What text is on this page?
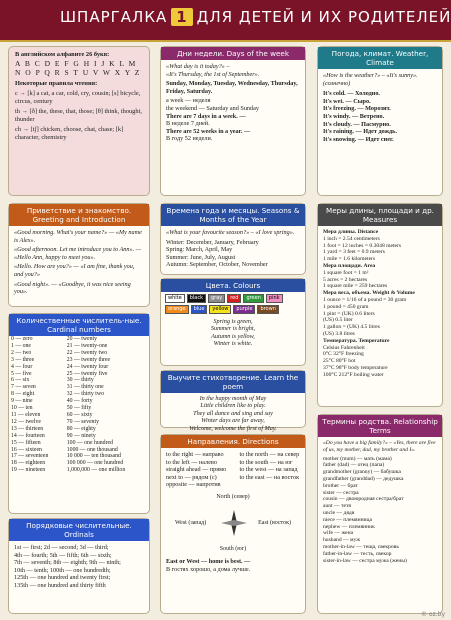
ШПАРГАЛКА 1 ДЛЯ ДЕТЕЙ И ИХ РОДИТЕЛЕЙ
В английском алфавите 26 букв:
A B C D E F G H I J K L M
N O P Q R S T U V W X Y Z
Некоторые правила чтения:

c → [k] a cat, a car, cold, cry, cousin; [s] bicycle, circus, century

th → [ð] the, these, that, those; [θ] think, thought, thunder

ch → [tʃ] chicken, choose, chat, chase; [k] character, chemistry

Дни недели. Days of the week
«What day is it today?» –
«It's Thursday, the 1st of September».
Sunday, Monday, Tuesday, Wednesday, Thursday, Friday, Saturday.
a week — неделя
the weekend — Saturday and Sunday
There are 7 days in a week. —
В неделе 7 дней.
There are 52 weeks in a year. —
В году 52 недели.
Погода, климат. Weather, Climate
«How is the weather?» – «It's sunny». (солнечно)
It's cold. — Холодно.
It's wet. — Сыро.
It's freezing. — Морозит.
It's windy. — Ветрено.
It's cloudy. — Пасмурно.
It's raining. — Идет дождь.
It's snowing. — Идет снег.
Приветствие и знакомство. Greeting and Introduction

«Good morning. What's your name?» — «My name is Alex».

«Good afternoon. Let me introduce you to Ann». — «Hello Ann, happy to meet you».

«Hello. How are you?» — «I am fine, thank you, and you?»

«Good night». — «Goodbye, it was nice seeing you».

Времена года и месяцы. Seasons & Months of the Year
«What is your favourite season?» – «I love spring».
Winter: December, January, February
Spring: March, April, May
Summer: June, July, August
Autumn: September, October, November
Цвета. Colours
white	black	gray	red	green	pink
orange	blue	yellow	purple	brown
Spring is green,
Summer is bright,
Autumn is yellow,
Winter is white.
Выучите стихотворение. Learn the poem
In the happy month of May
Little children like to play.
They all dance and sing and say
Winter days are far away,
Welcome, welcome the first of May.
Меры длины, площади и др. Measures
Мера длины. Distance
1 inch = 2.54 centimeters
1 foot = 12 inches = 0.3048 meters
1 yard = 3 feet = 0.9 meters
1 mile = 1.6 kilometers
Мера площади. Area
1 square foot = 1 m²
5 acres = 2 hectares
1 square mile = 259 hectares
Мера веса, объема. Weight & Volume
1 ounce = 1/16 of a pound = 30 gram
1 pound = 450 gram
1 pint = (UK) 0.6 liters
(US) 0.5 liter
1 gallon = (UK) 4.5 litres
(US) 3.8 litres
Температура. Temperature
Celsius Fahrenheit
0°C 32°F freezing
25°C 80°F hot
37°C 98°F body temperature
100°C 212°F boiling water
Количественные числитель-ные. Cardinal numbers
0 — zero	20 — twenty
1 — one	21 — twenty-one
2 — two	22 — twenty two
3 — three	23 — twenty three
4 — four	24 — twenty four
5 — five	25 — twenty five
6 — six	30 — thirty
7 — seven	31 — thirty one
8 — eight	32 — thirty two
9 — nine	40 — forty
10 — ten	50 — fifty
11 — eleven	60 — sixty
12 — twelve	70 — seventy
13 — thirteen	80 — eighty
14 — fourteen	90 — ninety
15 — fifteen	100 — one hundred
16 — sixteen	1000 — one thousand
17 — seventeen	10 000 — ten thousand
18 — eighteen	100 000 — one hundred
19 — nineteen	1,000,000 — one million
Порядковые числительные. Ordinals
1st — first; 2d — second; 3d — third;
4th — fourth; 5th — fifth; 6th — sixth;
7th — seventh; 8th — eighth; 9th — ninth;
10th — tenth; 100th — one hundredth;
125th — one hundred and twenty first;
135th — one hundred and thirty fifth
Направления. Directions
to the right — направо
to the left — налево
straight ahead — прямо
next to — рядом (с)
opposite — напротив
to the north — на север
to the south — на юг
to the west — на запад
to the east — на восток
North (север)
West (запад)	East (восток)
South (юг)
East or West — home is best. —
В гостях хорошо, а дома лучше.
Термины родства. Relationship Terms
«Do you have a big family?» – «Yes, there are five of us, my mother, dad, my brother and I».
mother (mum) — мать (мама)
father (dad) — отец (папа)
grandmother (granny) — бабушка
grandfather (granddad) — дедушка
brother — брат
sister — сестра
cousin — двоюродная сестра/брат
aunt — тетя
uncle — дядя
niece — племянница
nephew — племянник
wife — жена
husband — муж
mother-in-law — теща, свекровь
father-in-law — тесть, свекор
sister-in-law — сестра мужа (жены)
© oz.by
